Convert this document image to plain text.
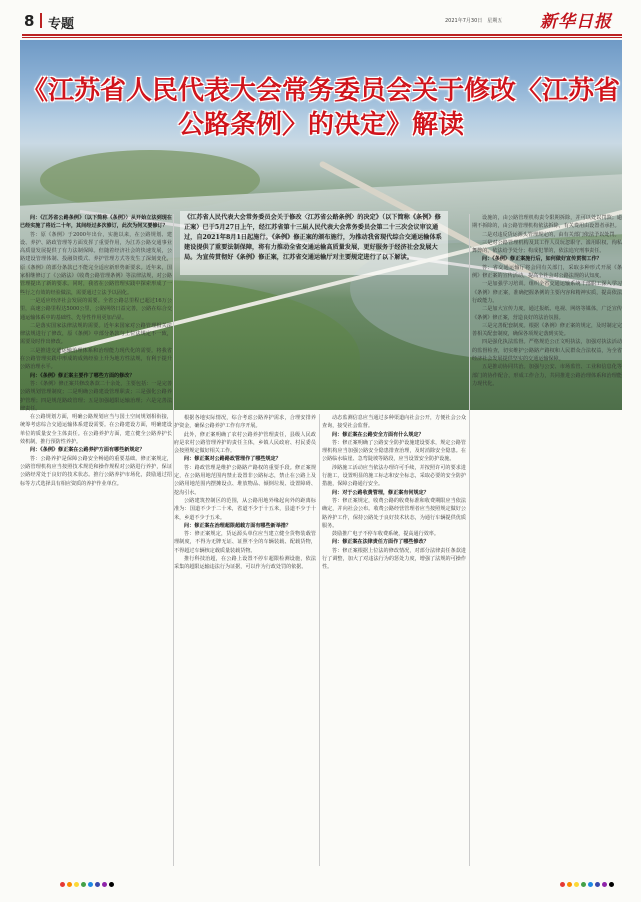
8 专题	2021年7月30日　星期五 新华日报
《江苏省人民代表大会常务委员会关于修改〈江苏省公路条例〉的决定》解读
《江苏省人民代表大会常务委员会关于修改〈江苏省公路条例〉的决定》（以下简称《条例》修正案）已于5月27日上午，经江苏省第十三届人民代表大会常务委员会第二十三次会议审议通过，自2021年8月1日起施行。《条例》修正案的颁布施行，为推动我省现代综合交通运输体系建设提供了重要法制保障，将有力推动全省交通运输高质量发展，更好服务于经济社会发展大局。为宣传贯彻好《条例》修正案，江苏省交通运输厅对主要规定进行了以下解读。

问：《江苏省公路条例》（以下简称《条例》）从开始立法到现在已经实施了将近二十年，其间经过多次修订，此次为何又要修订？

答：原《条例》于2000年出台，实施以来，在公路规划、建设、养护、路政管理等方面发挥了重要作用，为江苏公路交通事业高质量发展提供了有力法制保障。但随着经济社会的快速发展，公路建设管理体制、投融资模式、养护管理方式等发生了深刻变化，原《条例》的部分条款已不能完全适应新形势新要求。近年来，国家相继修订了《公路法》《收费公路管理条例》等法律法规，对公路管理提出了新的要求。同时，我省在公路管理实践中探索形成了一些行之有效的经验做法，需要通过立法予以固化。

一是适应经济社会发展的需要。全省公路总里程已超过16万公里，高速公路里程达5000公里，公路网络日益完善，公路在综合交通运输体系中的基础性、先导性作用更加凸显。

二是落实国家法律法规的需要。近年来国家对公路管理相关法律法规进行了修改，原《条例》中部分条款与上位法规定不一致，需要及时作出修改。

三是推进交通运输治理体系和治理能力现代化的需要。将我省在公路管理实践中形成的成熟经验上升为地方性法规，有利于提升公路治理水平。

问：《条例》修正案主要作了哪些方面的修改？

答：《条例》修正案共修改条款二十余处，主要包括：一是完善公路规划管理制度；二是明确公路建设管理职责；三是强化公路养护管理；四是规范路政管理；五是加强超限运输治理；六是完善法律责任。

在公路规划方面，明确公路规划应当与国土空间规划相衔接，统筹考虑综合交通运输体系建设需要。在公路建设方面，明确建设单位的质量安全主体责任。在公路养护方面，建立健全公路养护长效机制，推行预防性养护。

问：《条例》修正案在公路养护方面有哪些新规定？

答：公路养护是保障公路安全畅通的重要基础。修正案规定，公路管理机构应当按照技术规范和操作规程对公路进行养护，保证公路经常处于良好的技术状态。推行公路养护市场化，鼓励通过招标等方式选择具有相应资质的养护作业单位。

根据各地实际情况，综合考虑公路养护需求，合理安排养护资金，确保公路养护工作有序开展。

此外，修正案明确了农村公路养护管理责任，县级人民政府是农村公路管理养护的责任主体，乡镇人民政府、村民委员会按照规定做好相关工作。

问：修正案对公路路政管理作了哪些规定？

答：路政管理是维护公路路产路权的重要手段。修正案规定，在公路用地范围内禁止设置非公路标志，禁止在公路上及公路用地范围内摆摊设点、堆放物品、倾倒垃圾、设置障碍、挖沟引水。

公路建筑控制区的范围，从公路用地外缘起向外的距离标准为：国道不少于二十米，省道不少于十五米，县道不少于十米，乡道不少于五米。

问：修正案在治理超限超载方面有哪些新举措？

答：修正案规定，货运源头单位应当建立健全货物装载管理制度，不得为无牌无证、证照不全的车辆装载、配载货物，不得超过车辆核定载质量装载货物。

推行科技治超，在公路上设置不停车超限检测设施，依法采集的超限运输违法行为证据，可以作为行政处罚的依据。

动态监测信息应当通过多种渠道向社会公开，方便社会公众查询，接受社会监督。

问：修正案在公路安全方面有什么规定？

答：修正案明确了公路安全防护设施建设要求，规定公路管理机构应当加强公路安全隐患排查治理，及时消除安全隐患。在公路临水临崖、急弯陡坡等路段，应当设置安全防护设施。

涉路施工活动应当依法办理许可手续，并按照许可的要求进行施工，设置明显的施工标志和安全标志，采取必要的安全防护措施，保障公路通行安全。

问：对于公路收费管理，修正案有何规定？

答：修正案规定，收费公路的收费标准和收费期限应当依法确定，并向社会公布。收费公路经营管理者应当按照规定做好公路养护工作，保持公路处于良好技术状态，为通行车辆提供优质服务。

鼓励推广电子不停车收费系统，提高通行效率。

问：修正案在法律责任方面作了哪些修改？

答：修正案根据上位法的修改情况，对部分法律责任条款进行了调整，加大了对违法行为的惩处力度，增强了法规的可操作性。

设施的，由公路管理机构责令限期拆除，并可以处以罚款；逾期不拆除的，由公路管理机构依法拆除，有关费用由设置者承担。

二是对违反货运源头管理规定的，由有关部门依法予以处罚。

三是对公路管理机构及其工作人员玩忽职守、滥用职权、徇私舞弊的，依法给予处分；构成犯罪的，依法追究刑事责任。

问：《条例》修正案施行后，如何做好宣传贯彻工作？

答：省交通运输厅将会同有关部门，采取多种形式开展《条例》修正案的宣传活动，提高全社会对公路法规的认知度。

一是加强学习培训。组织全省交通运输系统干部职工深入学习《条例》修正案，准确把握条例的主要内容和精神实质，提高依法行政能力。

二是加大宣传力度。通过报纸、电视、网络等媒体，广泛宣传《条例》修正案，营造良好的法治氛围。

三是完善配套制度。根据《条例》修正案的规定，及时制定完善相关配套制度，确保各项规定落到实处。

四是强化执法监督。严格规范公正文明执法，加强对执法活动的监督检查，切实维护公路路产路权和人民群众合法权益，为全省经济社会发展提供坚实的交通运输保障。

五是推动协同共治。加强与公安、市场监管、工业和信息化等部门的协作配合，形成工作合力，共同推进公路治理体系和治理能力现代化。
